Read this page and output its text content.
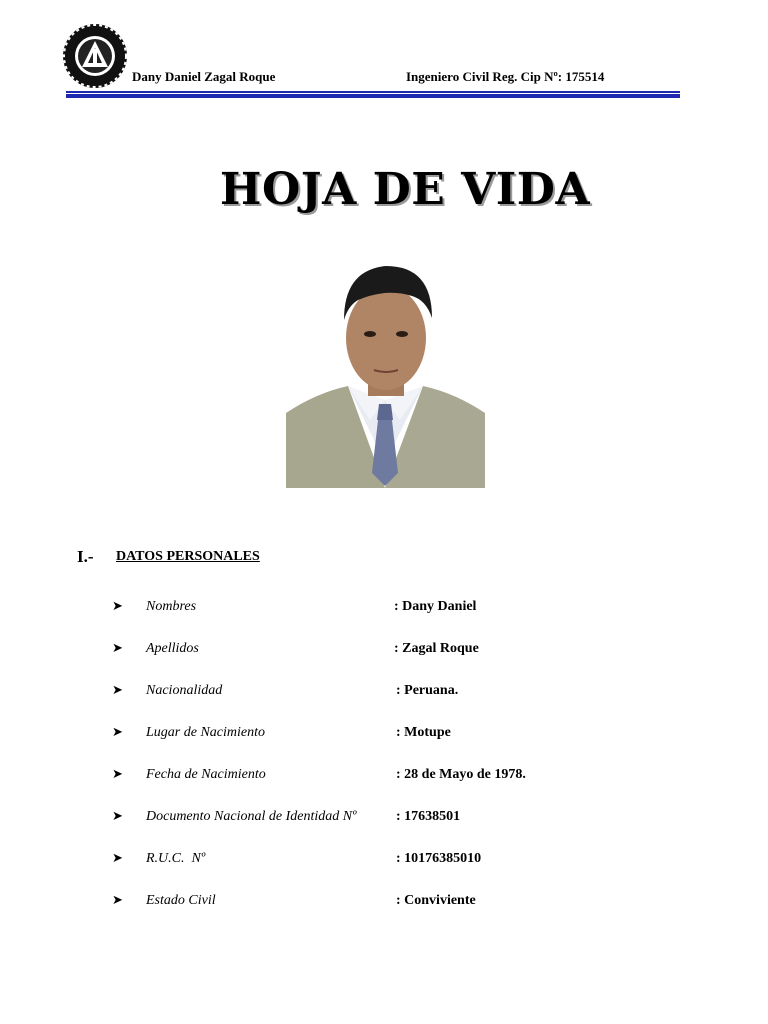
Dany Daniel Zagal Roque	Ingeniero Civil Reg. Cip Nº: 175514
HOJA DE VIDA
I.- DATOS PERSONALES
➤ Nombres	: Dany Daniel
➤ Apellidos	: Zagal Roque
➤ Nacionalidad	: Peruana.
➤ Lugar de Nacimiento	: Motupe
➤ Fecha de Nacimiento	: 28 de Mayo de 1978.
➤ Documento Nacional de Identidad Nº	: 17638501
➤ R.U.C.  Nº	: 10176385010
➤ Estado Civil	: Conviviente
